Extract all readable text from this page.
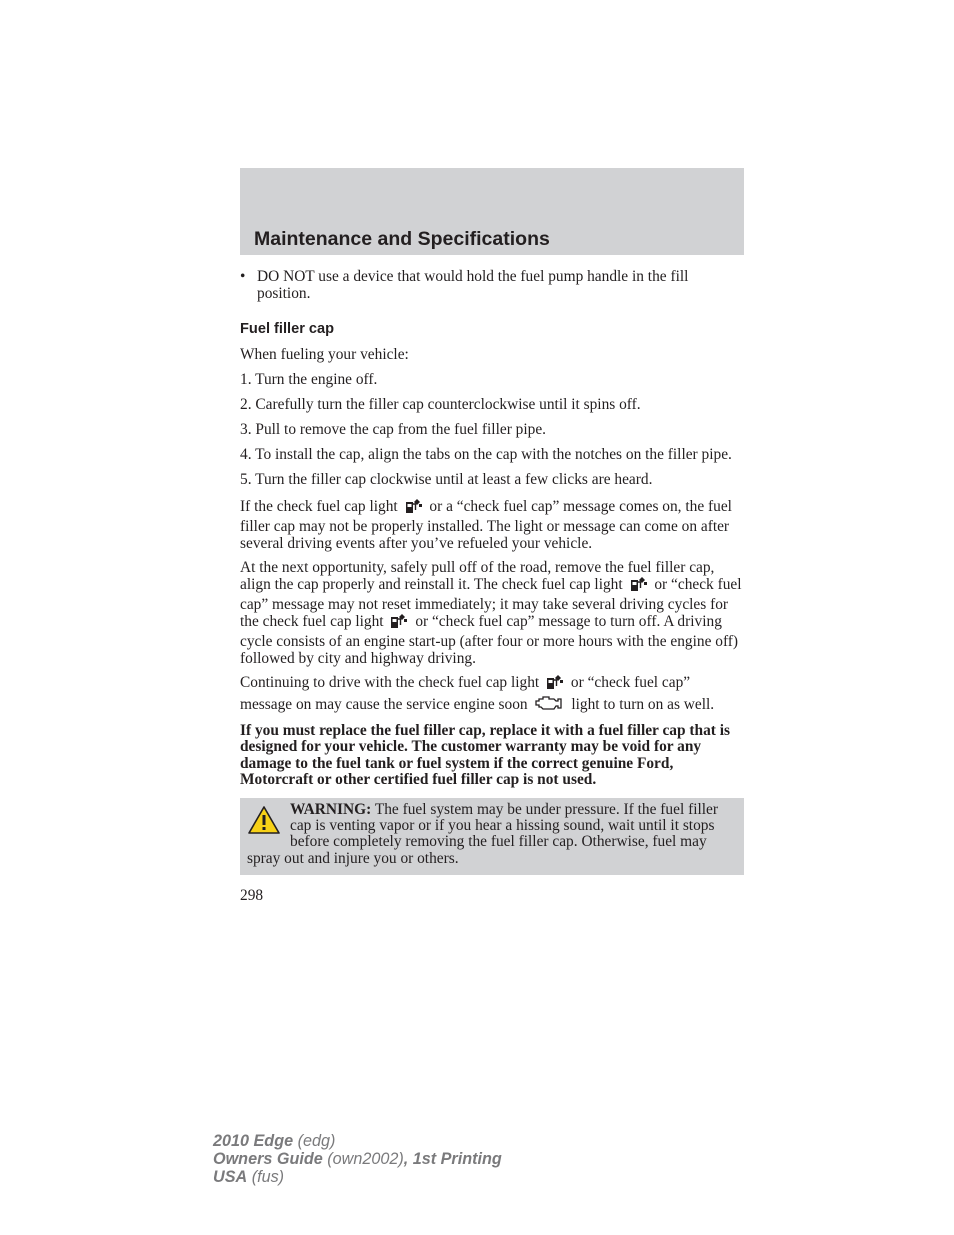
Maintenance and Specifications
• DO NOT use a device that would hold the fuel pump handle in the fill position.
Fuel filler cap

When fueling your vehicle:

1. Turn the engine off.

2. Carefully turn the filler cap counterclockwise until it spins off.

3. Pull to remove the cap from the fuel filler pipe.

4. To install the cap, align the tabs on the cap with the notches on the filler pipe.

5. Turn the filler cap clockwise until at least a few clicks are heard.

If the check fuel cap light or a “check fuel cap” message comes on, the fuel filler cap may not be properly installed. The light or message can come on after several driving events after you’ve refueled your vehicle.

At the next opportunity, safely pull off of the road, remove the fuel filler cap, align the cap properly and reinstall it. The check fuel cap light or “check fuel cap” message may not reset immediately; it may take several driving cycles for the check fuel cap light or “check fuel cap” message to turn off. A driving cycle consists of an engine start-up (after four or more hours with the engine off) followed by city and highway driving.

Continuing to drive with the check fuel cap light or “check fuel cap” message on may cause the service engine soon	light to turn on as well.

If you must replace the fuel filler cap, replace it with a fuel filler cap that is designed for your vehicle. The customer warranty may be void for any damage to the fuel tank or fuel system if the correct genuine Ford, Motorcraft or other certified fuel filler cap is not used.

WARNING: The fuel system may be under pressure. If the fuel filler cap is venting vapor or if you hear a hissing sound, wait until it stops before completely removing the fuel filler cap. Otherwise, fuel may spray out and injure you or others.
298
2010 Edge (edg)
Owners Guide (own2002), 1st Printing
USA (fus)
